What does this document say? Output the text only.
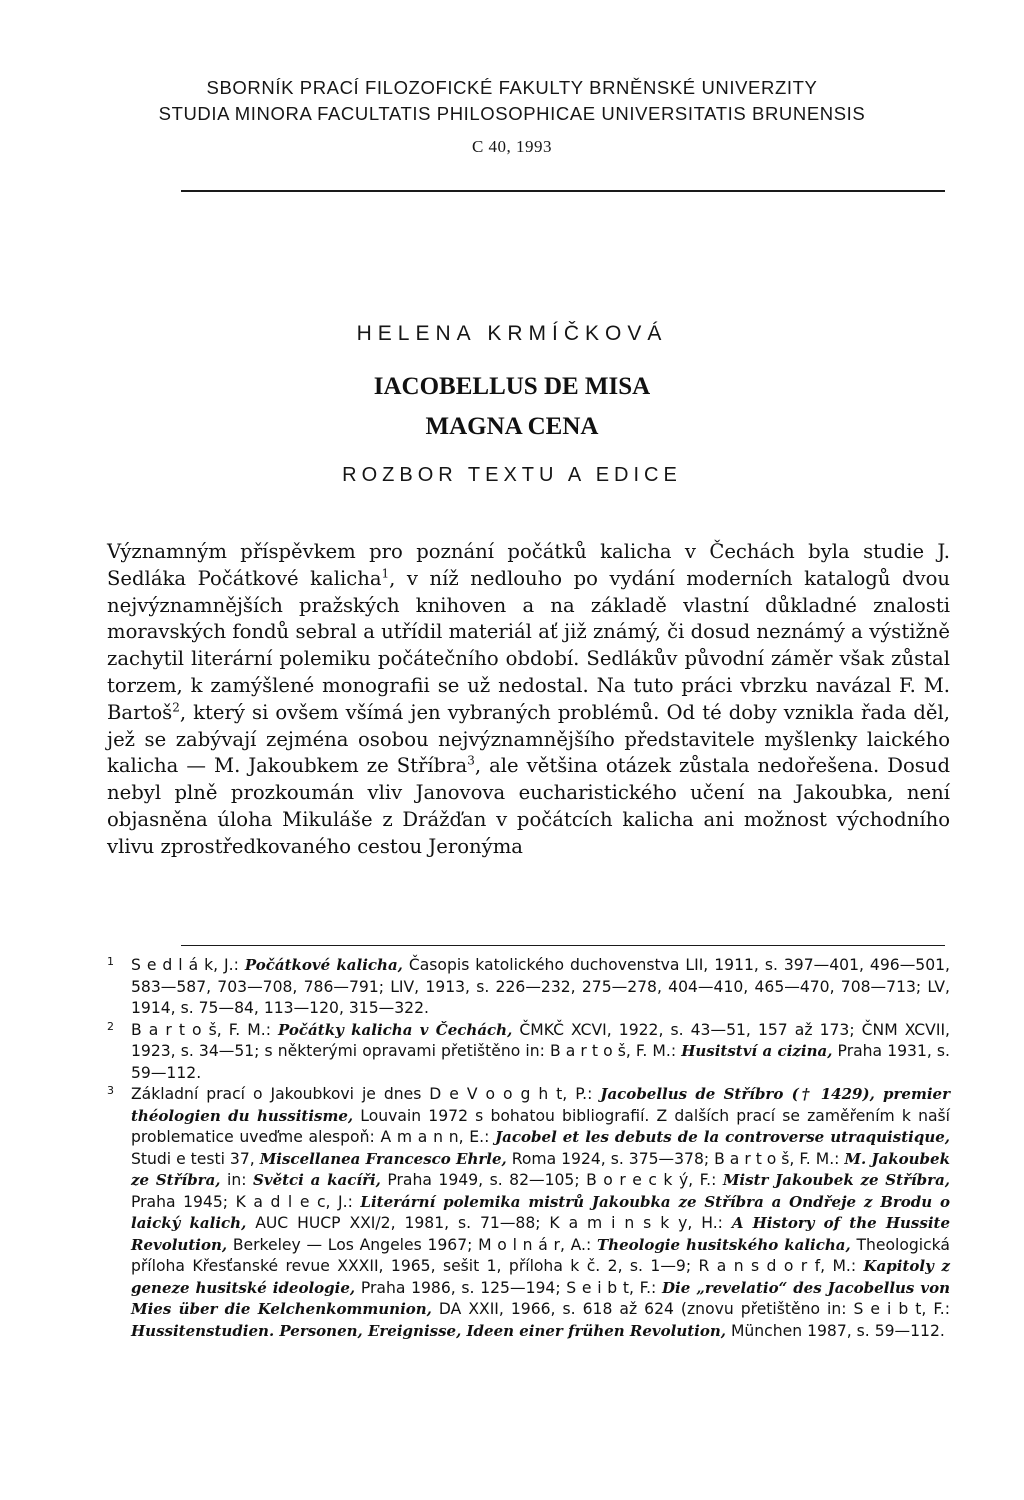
SBORNÍK PRACÍ FILOZOFICKÉ FAKULTY BRNĚNSKÉ UNIVERZITY
STUDIA MINORA FACULTATIS PHILOSOPHICAE UNIVERSITATIS BRUNENSIS
C 40, 1993
HELENA KRMÍČKOVÁ
IACOBELLUS DE MISA
MAGNA CENA
ROZBOR TEXTU A EDICE

Významným příspěvkem pro poznání počátků kalicha v Čechách byla studie J. Sedláka Počátkové kalicha$^1$, v níž nedlouho po vydání moderních katalogů dvou nejvýznamnějších pražských knihoven a na základě vlastní důkladné znalosti moravských fondů sebral a utřídil materiál ať již známý, či dosud neznámý a výstižně zachytil literární polemiku počátečního období. Sedlákův původní záměr však zůstal torzem, k zamýšlené monografii se už nedostal. Na tuto práci vbrzku navázal F. M. Bartoš$^2$, který si ovšem všímá jen vybraných problémů. Od té doby vznikla řada děl, jež se zabývají zejména osobou nejvýznamnějšího představitele myšlenky laického kalicha — M. Jakoubkem ze Stříbra$^3$, ale většina otázek zůstala nedořešena. Dosud nebyl plně prozkoumán vliv Janovova eucharistického učení na Jakoubka, není objasněna úloha Mikuláše z Drážďan v počátcích kalicha ani možnost východního vlivu zprostředkovaného cestou Jeronýma

1 S e d l á k, J.: Počátkové kalicha, Časopis katolického duchovenstva LII, 1911, s. 397—401, 496—501, 583—587, 703—708, 786—791; LIV, 1913, s. 226—232, 275—278, 404—410, 465—470, 708—713; LV, 1914, s. 75—84, 113—120, 315—322.

2 B a r t o š, F. M.: Počátky kalicha v Čechách, ČMKČ XCVI, 1922, s. 43—51, 157 až 173; ČNM XCVII, 1923, s. 34—51; s některými opravami přetištěno in: B a r t o š, F. M.: Husitství a cizina, Praha 1931, s. 59—112.

3 Základní prací o Jakoubkovi je dnes D e V o o g h t, P.: Jacobellus de Stříbro († 1429), premier théologien du hussitisme, Louvain 1972 s bohatou bibliografií. Z dalších prací se zaměřením k naší problematice uveďme alespoň: A m a n n, E.: Jacobel et les debuts de la controverse utraquistique, Studi e testi 37, Miscellanea Francesco Ehrle, Roma 1924, s. 375—378; B a r t o š, F. M.: M. Jakoubek ze Stříbra, in: Světci a kacíři, Praha 1949, s. 82—105; B o r e c k ý, F.: Mistr Jakoubek ze Stříbra, Praha 1945; K a d l e c, J.: Literární polemika mistrů Jakoubka ze Stříbra a Ondřeje z Brodu o laický kalich, AUC HUCP XXI/2, 1981, s. 71—88; K a m i n s k y, H.: A History of the Hussite Revolution, Berkeley — Los Angeles 1967; M o l n á r, A.: Theologie husitského kalicha, Theologická příloha Křesťanské revue XXXII, 1965, sešit 1, příloha k č. 2, s. 1—9; R a n s d o r f, M.: Kapitoly z geneze husitské ideologie, Praha 1986, s. 125—194; S e i b t, F.: Die „revelatio“ des Jacobellus von Mies über die Kelchenkommunion, DA XXII, 1966, s. 618 až 624 (znovu přetištěno in: S e i b t, F.: Hussitenstudien. Personen, Ereignisse, Ideen einer frühen Revolution, München 1987, s. 59—112.
